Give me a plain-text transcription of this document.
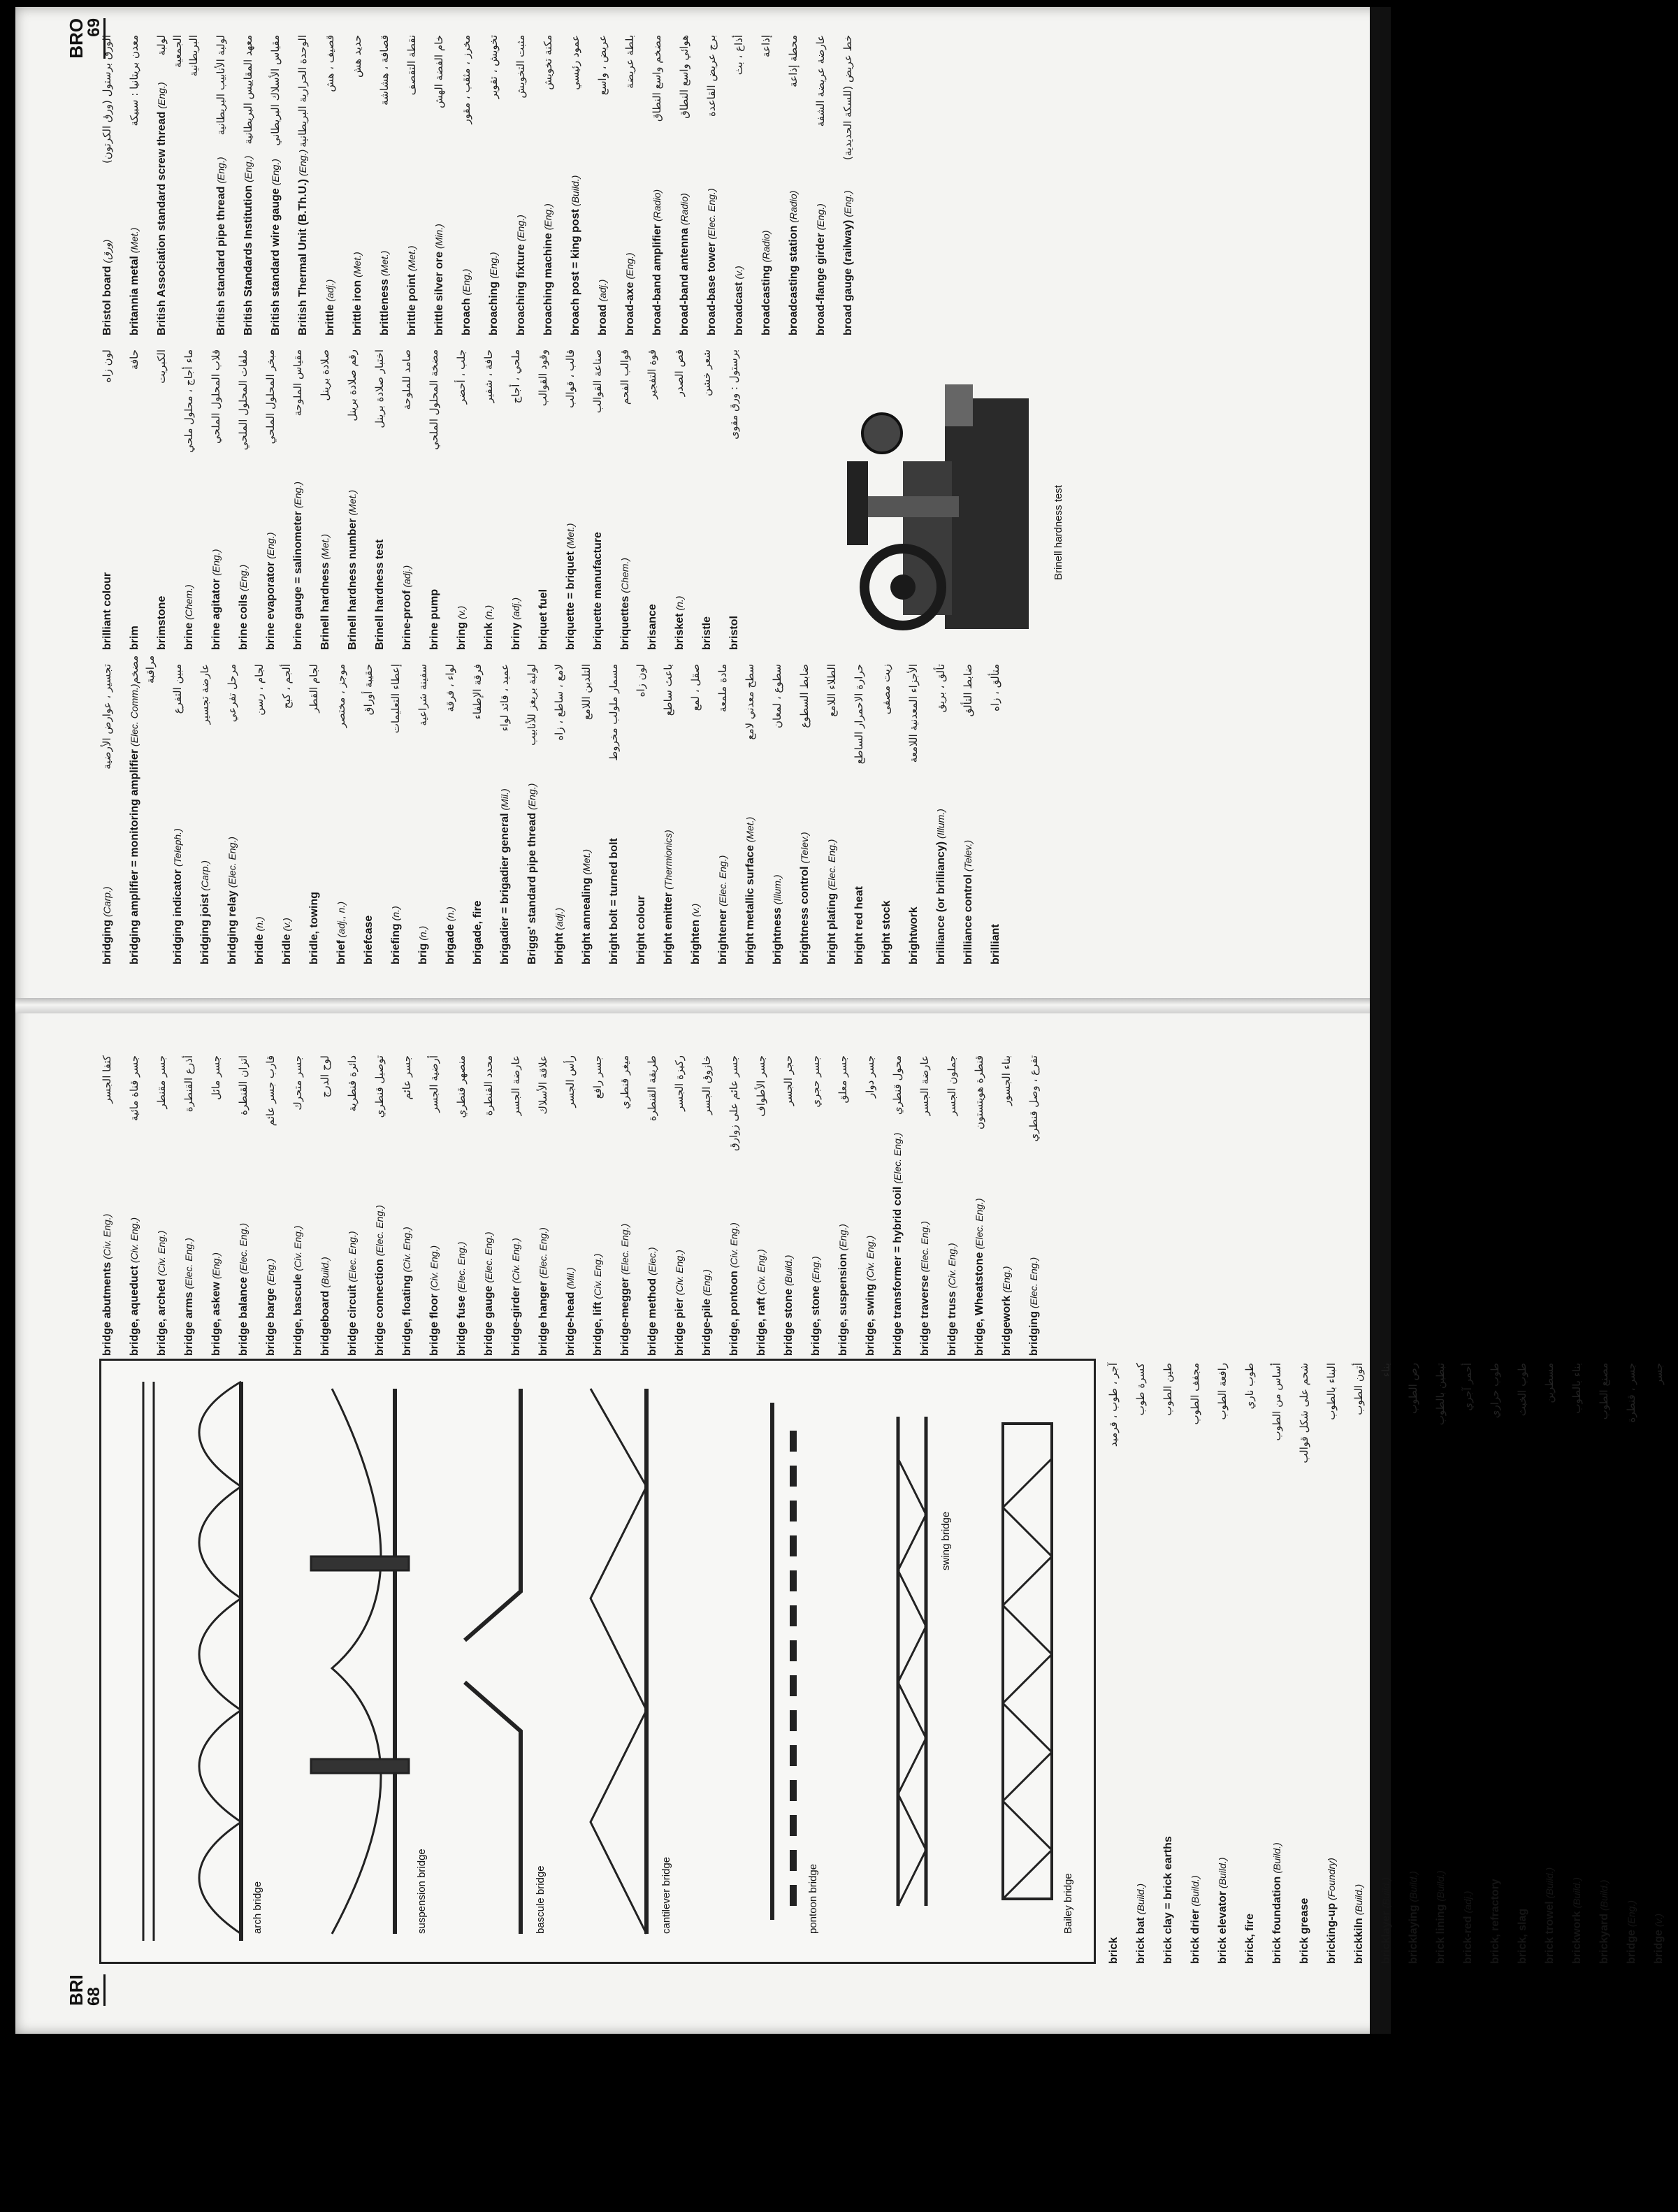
BRO
69
Bristol board(ورق)
الورق برستول (ورق الكرتون)
britannia metal(Met.)
معدن بريتانيا : سبيكة
British Association standard screw thread(Eng.)
لولبة الجمعية البريطانية
British standard pipe thread(Eng.)
لولبة الأنابيب البريطانية
British Standards Institution(Eng.)
معهد المقاييس البريطانية
British standard wire gauge(Eng.)
مقياس الأسلاك البريطاني
British Thermal Unit (B.Th.U.)(Eng.)
الوحدة الحرارية البريطانية
brittle(adj.)
قصيف ، هش
brittle iron(Met.)
حديد هش
brittleness(Met.)
قصافة ، هشاشة
brittle point(Met.)
نقطة التقصف
brittle silver ore(Min.)
خام الفضة الهش
broach(Eng.)
مخرز ، مثقب ، مقور
broaching(Eng.)
تخويش ، تقوير
broaching fixture(Eng.)
مثبت التخويش
broaching machine(Eng.)
مكنة تخويش
broach post = king post(Build.)
عمود رئيسي
broad(adj.)
عريض ، واسع
broad-axe(Eng.)
بلطة عريضة
broad-band amplifier(Radio)
مضخم واسع النطاق
broad-band antenna(Radio)
هوائي واسع النطاق
broad-base tower(Elec. Eng.)
برج عريض القاعدة
broadcast(v.)
أذاع ، بث
broadcasting(Radio)
إذاعة
broadcasting station(Radio)
محطة إذاعة
broad-flange girder(Eng.)
عارضة عريضة الشفة
broad gauge (railway)(Eng.)
خط عريض (للسكة الحديدية)
brilliant colour
لون زاه
brim
حافة
brimstone
الكبريت
brine(Chem.)
ماء أجاج ، محلول ملحي
brine agitator(Eng.)
قلاب المحلول الملحي
brine coils(Eng.)
ملفات المحلول الملحي
brine evaporator(Eng.)
مبخر المحلول الملحي
brine gauge = salinometer(Eng.)
مقياس الملوحة
Brinell hardness(Met.)
صلادة برينل
Brinell hardness number(Met.)
رقم صلادة برينل
Brinell hardness test
اختبار صلادة برينل
brine-proof(adj.)
صامد للملوحة
brine pump
مضخة المحلول الملحي
bring(v.)
جلب ، أحضر
brink(n.)
حافة ، شفير
briny(adj.)
ملحي ، أجاج
briquet fuel
وقود القوالب
briquette = briquet(Met.)
قالب ، قوالب
briquette manufacture
صناعة القوالب
briquettes(Chem.)
قوالب الفحم
brisance
قوة التفجير
brisket(n.)
قص الصدر
bristle
شعر خشن
bristol
برستول : ورق مقوى
bridging(Carp.)
تجسير ، عوارض الأرضية
bridging amplifier = monitoring amplifier(Elec. Comm.)
مضخم مراقبة
bridging indicator(Teleph.)
مبين التفرع
bridging joist(Carp.)
عارضة تجسير
bridging relay(Elec. Eng.)
مرحل تفرعي
bridle(n.)
لجام ، رسن
bridle(v.)
ألجم ، كبح
bridle, towing
لجام القطر
brief(adj., n.)
موجز ، مختصر
briefcase
حقيبة أوراق
briefing(n.)
إعطاء التعليمات
brig(n.)
سفينة شراعية
brigade(n.)
لواء ، فرقة
brigade, fire
فرقة الإطفاء
brigadier = brigadier general(Mil.)
عميد ، قائد لواء
Briggs' standard pipe thread(Eng.)
لولبة بريغز للأنابيب
bright(adj.)
لامع ، ساطع ، زاه
bright annealing(Met.)
التلدين اللامع
bright bolt = turned bolt
مسمار ملولب مخروط
bright colour
لون زاه
bright emitter(Thermionics)
باعث ساطع
brighten(v.)
صقل ، لمع
brightener(Elec. Eng.)
مادة ملمعة
bright metallic surface(Met.)
سطح معدني لامع
brightness(Illum.)
سطوع ، لمعان
brightness control(Telev.)
ضابط السطوع
bright plating(Elec. Eng.)
الطلاء اللامع
bright red heat
حرارة الاحمرار الساطع
bright stock
زيت مصفى
brightwork
الأجزاء المعدنية اللامعة
brilliance (or brilliancy)(Illum.)
تألق ، بريق
brilliance control(Telev.)
ضابط التألق
brilliant
متألق ، زاه
Brinell hardness test
BRI
68
bridge abutments(Civ. Eng.)
كتفا الجسر
bridge, aqueduct(Civ. Eng.)
جسر قناة مائية
bridge, arched(Civ. Eng.)
جسر مقنطر
bridge arms(Elec. Eng.)
أذرع القنطرة
bridge, askew(Eng.)
جسر مائل
bridge balance(Elec. Eng.)
اتزان القنطرة
bridge barge(Eng.)
قارب جسر عائم
bridge, bascule(Civ. Eng.)
جسر متحرك
bridgeboard(Build.)
لوح الدرج
bridge circuit(Elec. Eng.)
دائرة قنطرية
bridge connection(Elec. Eng.)
توصيل قنطري
bridge, floating(Civ. Eng.)
جسر عائم
bridge floor(Civ. Eng.)
أرضية الجسر
bridge fuse(Elec. Eng.)
منصهر قنطري
bridge gauge(Elec. Eng.)
محدد القنطرة
bridge-girder(Civ. Eng.)
عارضة الجسر
bridge hanger(Elec. Eng.)
علاقة الأسلاك
bridge-head(Mil.)
رأس الجسر
bridge, lift(Civ. Eng.)
جسر رافع
bridge-megger(Elec. Eng.)
ميغر قنطري
bridge method(Elec.)
طريقة القنطرة
bridge pier(Civ. Eng.)
ركيزة الجسر
bridge-pile(Eng.)
خازوق الجسر
bridge, pontoon(Civ. Eng.)
جسر عائم على زوارق
bridge, raft(Civ. Eng.)
جسر الأطواف
bridge stone(Build.)
حجر الجسر
bridge, stone(Eng.)
جسر حجري
bridge, suspension(Eng.)
جسر معلق
bridge, swing(Civ. Eng.)
جسر دوار
bridge transformer = hybrid coil(Elec. Eng.)
محول قنطري
bridge traverse(Elec. Eng.)
عارضة الجسر
bridge truss(Civ. Eng.)
جملون الجسر
bridge, Wheatstone(Elec. Eng.)
قنطرة هويتستون
bridgework(Eng.)
بناء الجسور
bridging(Elec. Eng.)
تفرع ، وصل قنطري
arch bridge	suspension bridge	bascule bridge	cantilever bridge	pontoon bridge	Bailey bridge
swing bridge
brick
آجر ، طوب ، قرميد
brick bat(Build.)
كسرة طوب
brick clay = brick earths
طين الطوب
brick drier(Build.)
مجفف الطوب
brick elevator(Build.)
رافعة الطوب
brick, fire
طوب ناري
brick foundation(Build.)
أساس من الطوب
brick grease
شحم على شكل قوالب
bricking-up(Foundry)
البناء بالطوب
brickkiln(Build.)
أتون الطوب
bricklayer(Build.)
بناء
bricklaying(Build.)
رص الطوب
brick lining(Build.)
تبطين بالطوب
brick-red(adj.)
أحمر آجري
brick, refractory
طوب حراري
brick, slag
طوب الخبث
brick trowel(Build.)
مسطرين
brickwork(Build.)
بناء بالطوب
brickyard(Build.)
مصنع الطوب
bridge(Eng.)
جسر ، قنطرة
bridge(v.)
جسر
